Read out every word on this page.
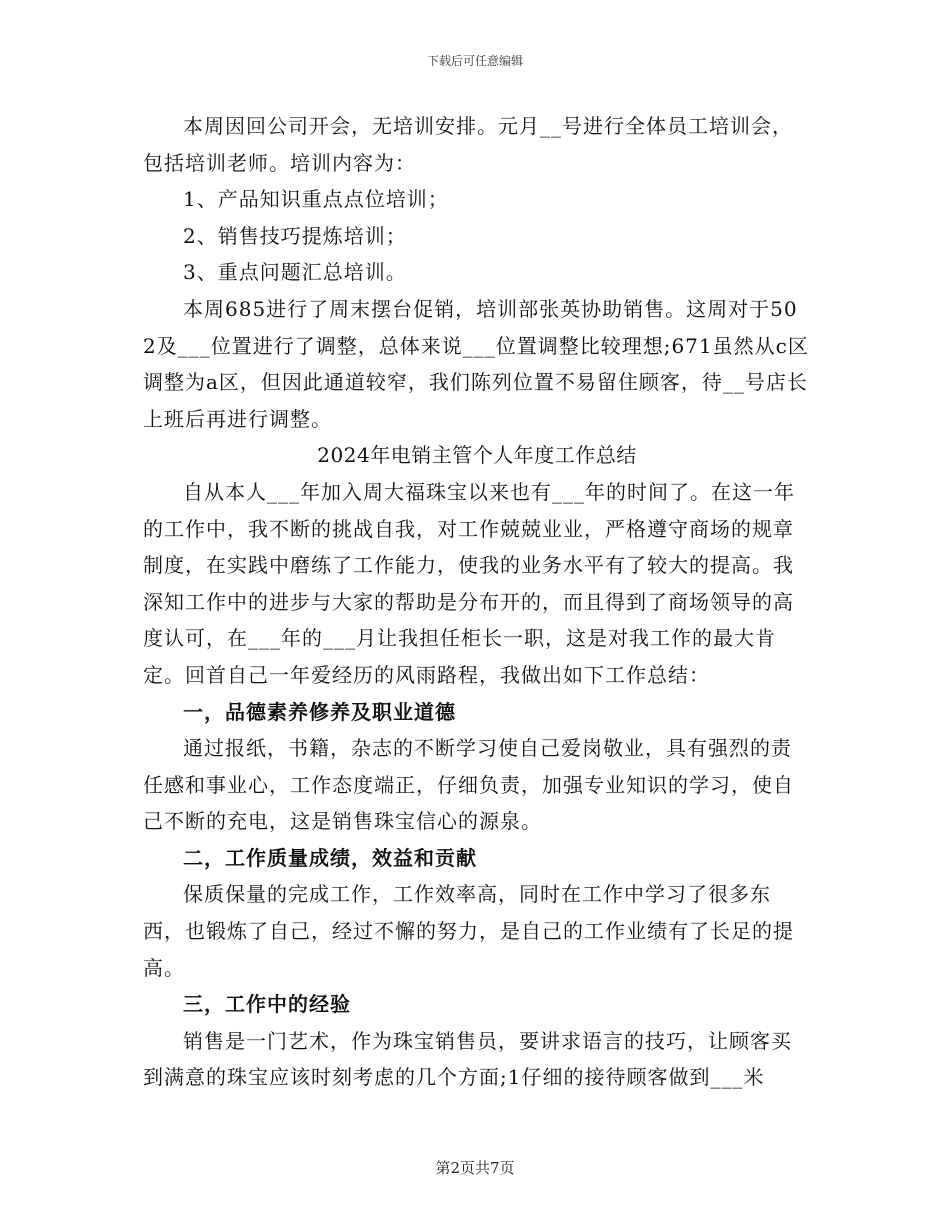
下载后可任意编辑

本周因回公司开会，无培训安排。元月__号进行全体员工培训会，包括培训老师。培训内容为：

1、产品知识重点点位培训；

2、销售技巧提炼培训；

3、重点问题汇总培训。

本周685进行了周末摆台促销，培训部张英协助销售。这周对于502及___位置进行了调整，总体来说___位置调整比较理想;671虽然从c区调整为a区，但因此通道较窄，我们陈列位置不易留住顾客，待__号店长上班后再进行调整。

2024年电销主管个人年度工作总结

自从本人___年加入周大福珠宝以来也有___年的时间了。在这一年的工作中，我不断的挑战自我，对工作兢兢业业，严格遵守商场的规章制度，在实践中磨练了工作能力，使我的业务水平有了较大的提高。我深知工作中的进步与大家的帮助是分布开的，而且得到了商场领导的高度认可，在___年的___月让我担任柜长一职，这是对我工作的最大肯定。回首自己一年爱经历的风雨路程，我做出如下工作总结：

一，品德素养修养及职业道德

通过报纸，书籍，杂志的不断学习使自己爱岗敬业，具有强烈的责任感和事业心，工作态度端正，仔细负责，加强专业知识的学习，使自己不断的充电，这是销售珠宝信心的源泉。

二，工作质量成绩，效益和贡献

保质保量的完成工作，工作效率高，同时在工作中学习了很多东西，也锻炼了自己，经过不懈的努力，是自己的工作业绩有了长足的提高。

三，工作中的经验

销售是一门艺术，作为珠宝销售员，要讲求语言的技巧，让顾客买到满意的珠宝应该时刻考虑的几个方面;1仔细的接待顾客做到___米

第2页共7页
